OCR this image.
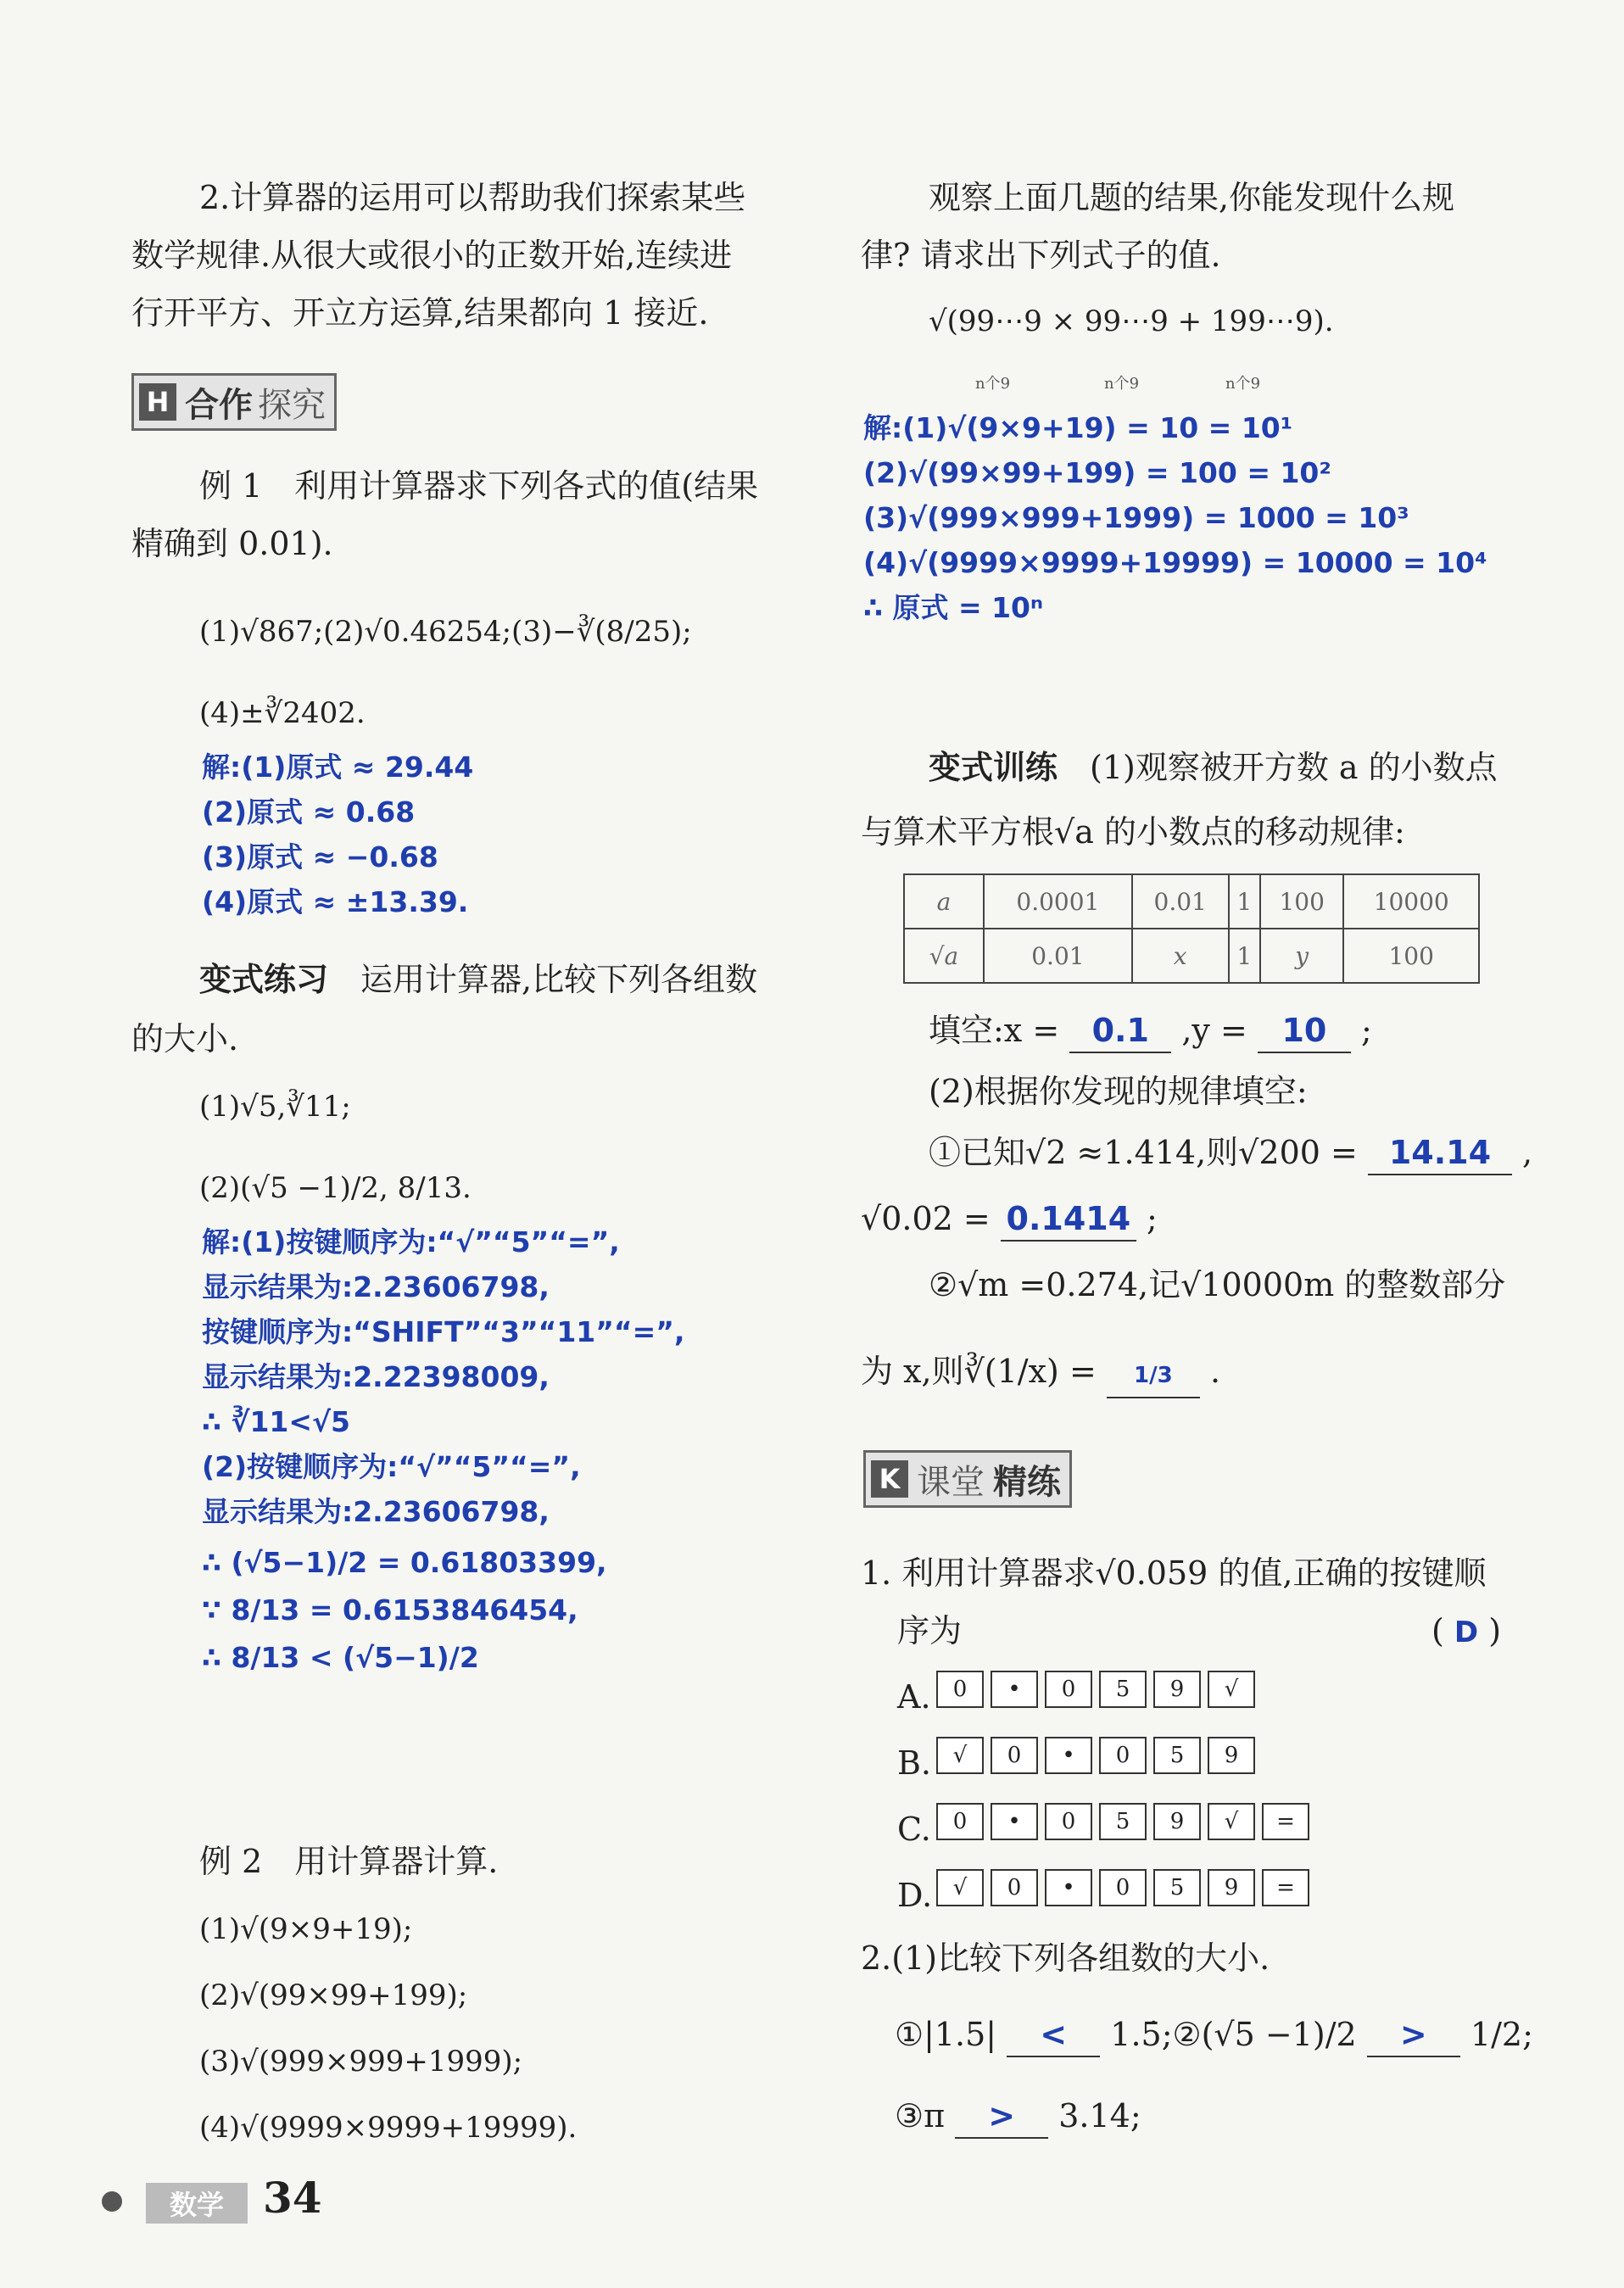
2.计算器的运用可以帮助我们探索某些
数学规律.从很大或很小的正数开始,连续进
行开平方、开立方运算,结果都向 1 接近.
H 合作 探究
例 1　利用计算器求下列各式的值(结果
精确到 0.01).
(1)√867;(2)√0.46254;(3)−∛(8/25);
(4)±∛2402.
解:(1)原式 ≈ 29.44
(2)原式 ≈ 0.68
(3)原式 ≈ −0.68
(4)原式 ≈ ±13.39.
变式练习　运用计算器,比较下列各组数
的大小.
(1)√5,∛11;
(2)(√5 −1)/2, 8/13.
解:(1)按键顺序为:“√”“5”“=”,
显示结果为:2.23606798,
按键顺序为:“SHIFT”“3”“11”“=”,
显示结果为:2.22398009,
∴ ∛11<√5
(2)按键顺序为:“√”“5”“=”,
显示结果为:2.23606798,
∴ (√5−1)/2 = 0.61803399,
∵ 8/13 = 0.6153846454,
∴ 8/13 < (√5−1)/2
例 2　用计算器计算.
(1)√(9×9+19);
(2)√(99×99+199);
(3)√(999×999+1999);
(4)√(9999×9999+19999).
观察上面几题的结果,你能发现什么规
律? 请求出下列式子的值.
√(99⋯9 × 99⋯9 + 199⋯9).
n个9	n个9	n个9
解:(1)√(9×9+19) = 10 = 10¹
(2)√(99×99+199) = 100 = 10²
(3)√(999×999+1999) = 1000 = 10³
(4)√(9999×9999+19999) = 10000 = 10⁴
∴ 原式 = 10ⁿ
变式训练　(1)观察被开方数 a 的小数点
与算术平方根√a 的小数点的移动规律:
a	0.0001	0.01	1	100	10000
√a	0.01	x	1	y	100
填空:x = 0.1 ,y = 10 ;
(2)根据你发现的规律填空:
①已知√2 ≈1.414,则√200 = 14.14 ,
√0.02 = 0.1414 ;
②√m =0.274,记√10000m 的整数部分
为 x,则∛(1/x) = 1/3 .
K 课堂 精练
1. 利用计算器求√0.059 的值,正确的按键顺
序为	( D )
A.	0	•	0	5	9	√
B. √	0	•	0	5	9
C. 0	•	0	5	9	√	=
D. √	0	•	0	5	9	=
2.(1)比较下列各组数的大小.
①|1.5| < 1.5̇;②(√5 −1)/2 > 1/2;
③π > 3.14;
数学 34
